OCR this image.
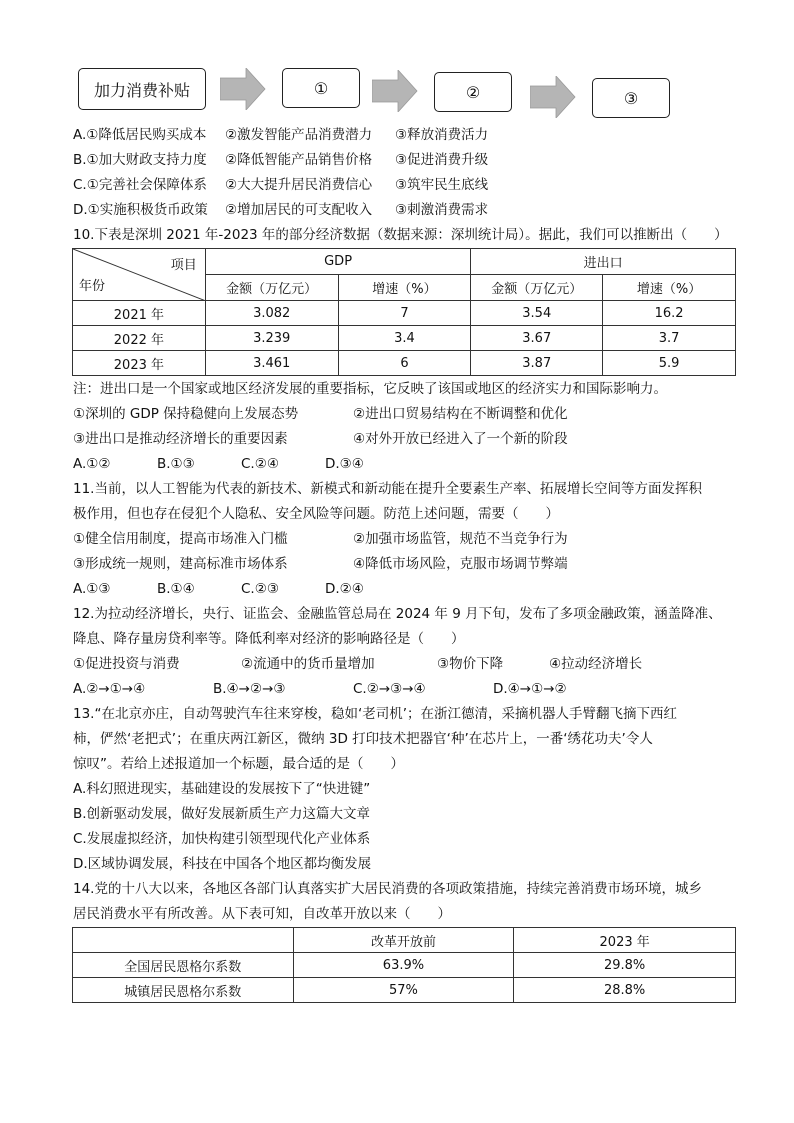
加力消费补贴	①	②	③
A.①降低居民购买成本 ②激发智能产品消费潜力 ③释放消费活力
B.①加大财政支持力度 ②降低智能产品销售价格 ③促进消费升级
C.①完善社会保障体系 ②大大提升居民消费信心 ③筑牢民生底线
D.①实施积极货币政策 ②增加居民的可支配收入 ③刺激消费需求
10.下表是深圳 2021 年-2023 年的部分经济数据（数据来源：深圳统计局）。据此，我们可以推断出（　　）
项目
年份	GDP		进出口	
	金额（万亿元）	增速（%）	金额（万亿元）	增速（%）
2021 年	3.082	7	3.54	16.2
2022 年	3.239	3.4	3.67	3.7
2023 年	3.461	6	3.87	5.9
注：进出口是一个国家或地区经济发展的重要指标，它反映了该国或地区的经济实力和国际影响力。
①深圳的 GDP 保持稳健向上发展态势	②进出口贸易结构在不断调整和优化
③进出口是推动经济增长的重要因素	④对外开放已经进入了一个新的阶段
A.①②	B.①③	C.②④	D.③④
11.当前，以人工智能为代表的新技术、新模式和新动能在提升全要素生产率、拓展增长空间等方面发挥积
极作用，但也存在侵犯个人隐私、安全风险等问题。防范上述问题，需要（　　）
①健全信用制度，提高市场准入门槛	②加强市场监管，规范不当竞争行为
③形成统一规则，建高标准市场体系	④降低市场风险，克服市场调节弊端
A.①③	B.①④	C.②③	D.②④
12.为拉动经济增长，央行、证监会、金融监管总局在 2024 年 9 月下旬，发布了多项金融政策，涵盖降准、
降息、降存量房贷利率等。降低利率对经济的影响路径是（　　）
①促进投资与消费	②流通中的货币量增加	③物价下降	④拉动经济增长
A.②→①→④	B.④→②→③	C.②→③→④	D.④→①→②
13.“在北京亦庄，自动驾驶汽车往来穿梭，稳如‘老司机’；在浙江德清，采摘机器人手臂翻飞摘下西红
柿，俨然‘老把式’；在重庆两江新区，微纳 3D 打印技术把器官‘种’在芯片上，一番‘绣花功夫’令人
惊叹”。若给上述报道加一个标题，最合适的是（　　）
A.科幻照进现实，基础建设的发展按下了“快进键”
B.创新驱动发展，做好发展新质生产力这篇大文章
C.发展虚拟经济，加快构建引领型现代化产业体系
D.区域协调发展，科技在中国各个地区都均衡发展
14.党的十八大以来，各地区各部门认真落实扩大居民消费的各项政策措施，持续完善消费市场环境，城乡
居民消费水平有所改善。从下表可知，自改革开放以来（　　）
	改革开放前	2023 年
全国居民恩格尔系数	63.9%	29.8%
城镇居民恩格尔系数	57%	28.8%
